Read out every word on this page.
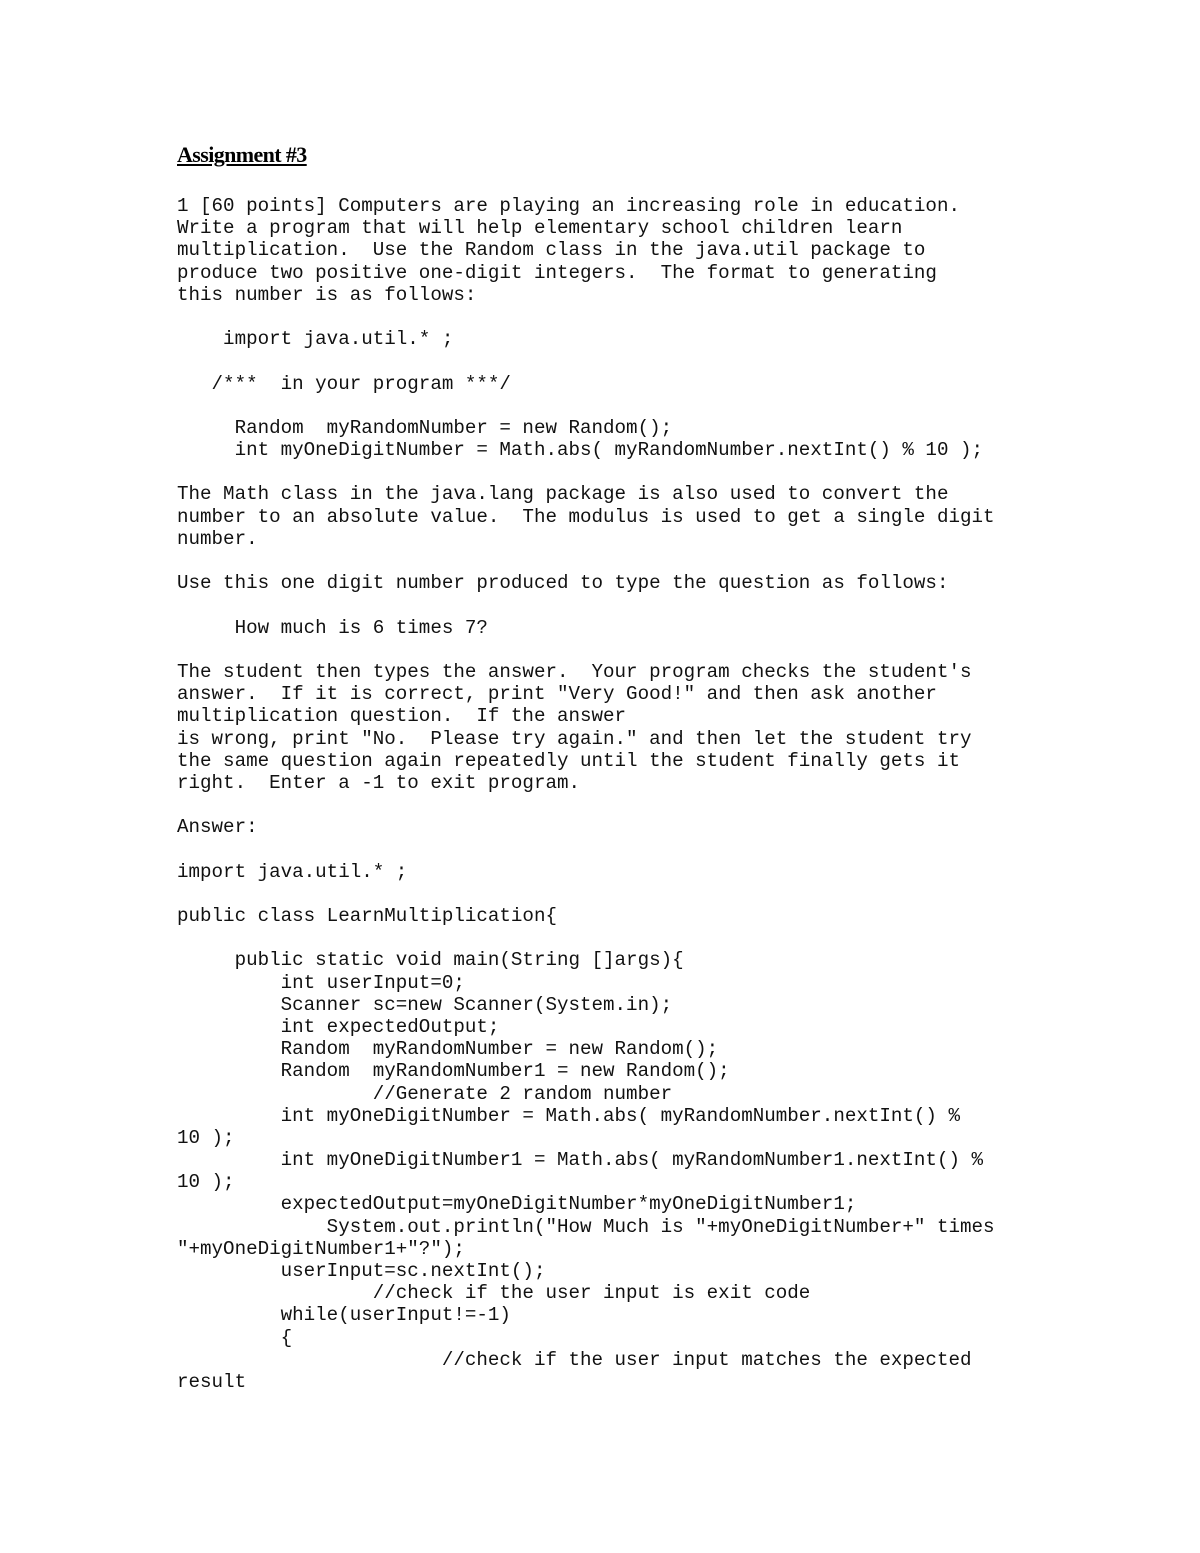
Assignment #3
1 [60 points] Computers are playing an increasing role in education.
Write a program that will help elementary school children learn
multiplication.  Use the Random class in the java.util package to
produce two positive one-digit integers.  The format to generating
this number is as follows:
import java.util.* ;
/***  in your program ***/
Random  myRandomNumber = new Random();
int myOneDigitNumber = Math.abs( myRandomNumber.nextInt() % 10 );
The Math class in the java.lang package is also used to convert the
number to an absolute value.  The modulus is used to get a single digit
number.
Use this one digit number produced to type the question as follows:
How much is 6 times 7?
The student then types the answer.  Your program checks the student's
answer.  If it is correct, print "Very Good!" and then ask another
multiplication question.  If the answer
is wrong, print "No.  Please try again." and then let the student try
the same question again repeatedly until the student finally gets it
right.  Enter a -1 to exit program.
Answer:
import java.util.* ;
public class LearnMultiplication{
public static void main(String []args){
int userInput=0;
Scanner sc=new Scanner(System.in);
int expectedOutput;
Random  myRandomNumber = new Random();
Random  myRandomNumber1 = new Random();
//Generate 2 random number
int myOneDigitNumber = Math.abs( myRandomNumber.nextInt() %
10 );
int myOneDigitNumber1 = Math.abs( myRandomNumber1.nextInt() %
10 );
expectedOutput=myOneDigitNumber*myOneDigitNumber1;
System.out.println("How Much is "+myOneDigitNumber+" times
"+myOneDigitNumber1+"?");
userInput=sc.nextInt();
//check if the user input is exit code
while(userInput!=-1)
{
//check if the user input matches the expected
result
